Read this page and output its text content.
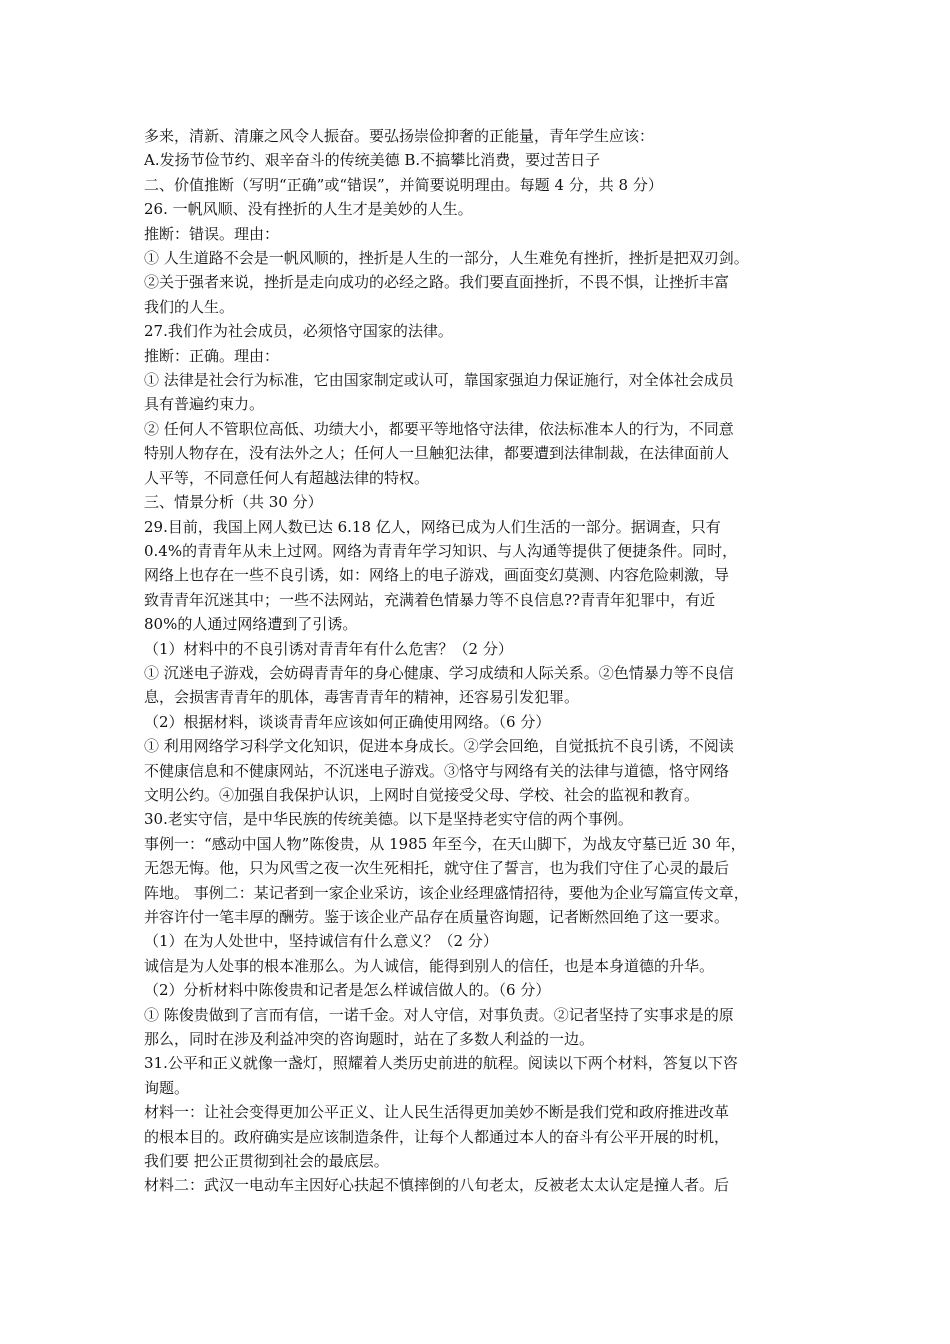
多来，清新、清廉之风令人振奋。要弘扬崇俭抑奢的正能量，青年学生应该：

A.发扬节俭节约、艰辛奋斗的传统美德 B.不搞攀比消费，要过苦日子

二、价值推断（写明“正确”或“错误”，并简要说明理由。每题 4 分，共 8 分）

26. 一帆风顺、没有挫折的人生才是美妙的人生。

推断：错误。理由：

① 人生道路不会是一帆风顺的，挫折是人生的一部分，人生难免有挫折，挫折是把双刃剑。

②关于强者来说，挫折是走向成功的必经之路。我们要直面挫折，不畏不惧，让挫折丰富

我们的人生。

27.我们作为社会成员，必须恪守国家的法律。

推断：正确。理由：

① 法律是社会行为标准，它由国家制定或认可，靠国家强迫力保证施行，对全体社会成员

具有普遍约束力。

② 任何人不管职位高低、功绩大小，都要平等地恪守法律，依法标准本人的行为，不同意

特别人物存在，没有法外之人；任何人一旦触犯法律，都要遭到法律制裁，在法律面前人

人平等，不同意任何人有超越法律的特权。

三、情景分析（共 30 分）

29.目前，我国上网人数已达 6.18 亿人，网络已成为人们生活的一部分。据调查，只有

0.4%的青青年从未上过网。网络为青青年学习知识、与人沟通等提供了便捷条件。同时，

网络上也存在一些不良引诱，如：网络上的电子游戏，画面变幻莫测、内容危险刺激，导

致青青年沉迷其中；一些不法网站，充满着色情暴力等不良信息??青青年犯罪中，有近

80%的人通过网络遭到了引诱。

（1）材料中的不良引诱对青青年有什么危害？（2 分）

① 沉迷电子游戏，会妨碍青青年的身心健康、学习成绩和人际关系。②色情暴力等不良信

息，会损害青青年的肌体，毒害青青年的精神，还容易引发犯罪。

（2）根据材料，谈谈青青年应该如何正确使用网络。（6 分）

① 利用网络学习科学文化知识，促进本身成长。②学会回绝，自觉抵抗不良引诱，不阅读

不健康信息和不健康网站，不沉迷电子游戏。③恪守与网络有关的法律与道德，恪守网络

文明公约。④加强自我保护认识，上网时自觉接受父母、学校、社会的监视和教育。

30.老实守信，是中华民族的传统美德。以下是坚持老实守信的两个事例。

事例一：“感动中国人物”陈俊贵，从 1985 年至今，在天山脚下，为战友守墓已近 30 年，

无怨无悔。他，只为风雪之夜一次生死相托，就守住了誓言，也为我们守住了心灵的最后

阵地。 事例二：某记者到一家企业采访，该企业经理盛情招待，要他为企业写篇宣传文章，

并容许付一笔丰厚的酬劳。鉴于该企业产品存在质量咨询题，记者断然回绝了这一要求。

（1）在为人处世中，坚持诚信有什么意义？（2 分）

诚信是为人处事的根本准那么。为人诚信，能得到别人的信任，也是本身道德的升华。

（2）分析材料中陈俊贵和记者是怎么样诚信做人的。（6 分）

① 陈俊贵做到了言而有信，一诺千金。对人守信，对事负责。②记者坚持了实事求是的原

那么，同时在涉及利益冲突的咨询题时，站在了多数人利益的一边。

31.公平和正义就像一盏灯，照耀着人类历史前进的航程。阅读以下两个材料，答复以下咨

询题。

材料一：让社会变得更加公平正义、让人民生活得更加美妙不断是我们党和政府推进改革

的根本目的。政府确实是应该制造条件，让每个人都通过本人的奋斗有公平开展的时机，

我们要 把公正贯彻到社会的最底层。

材料二：武汉一电动车主因好心扶起不慎摔倒的八旬老太，反被老太太认定是撞人者。后
